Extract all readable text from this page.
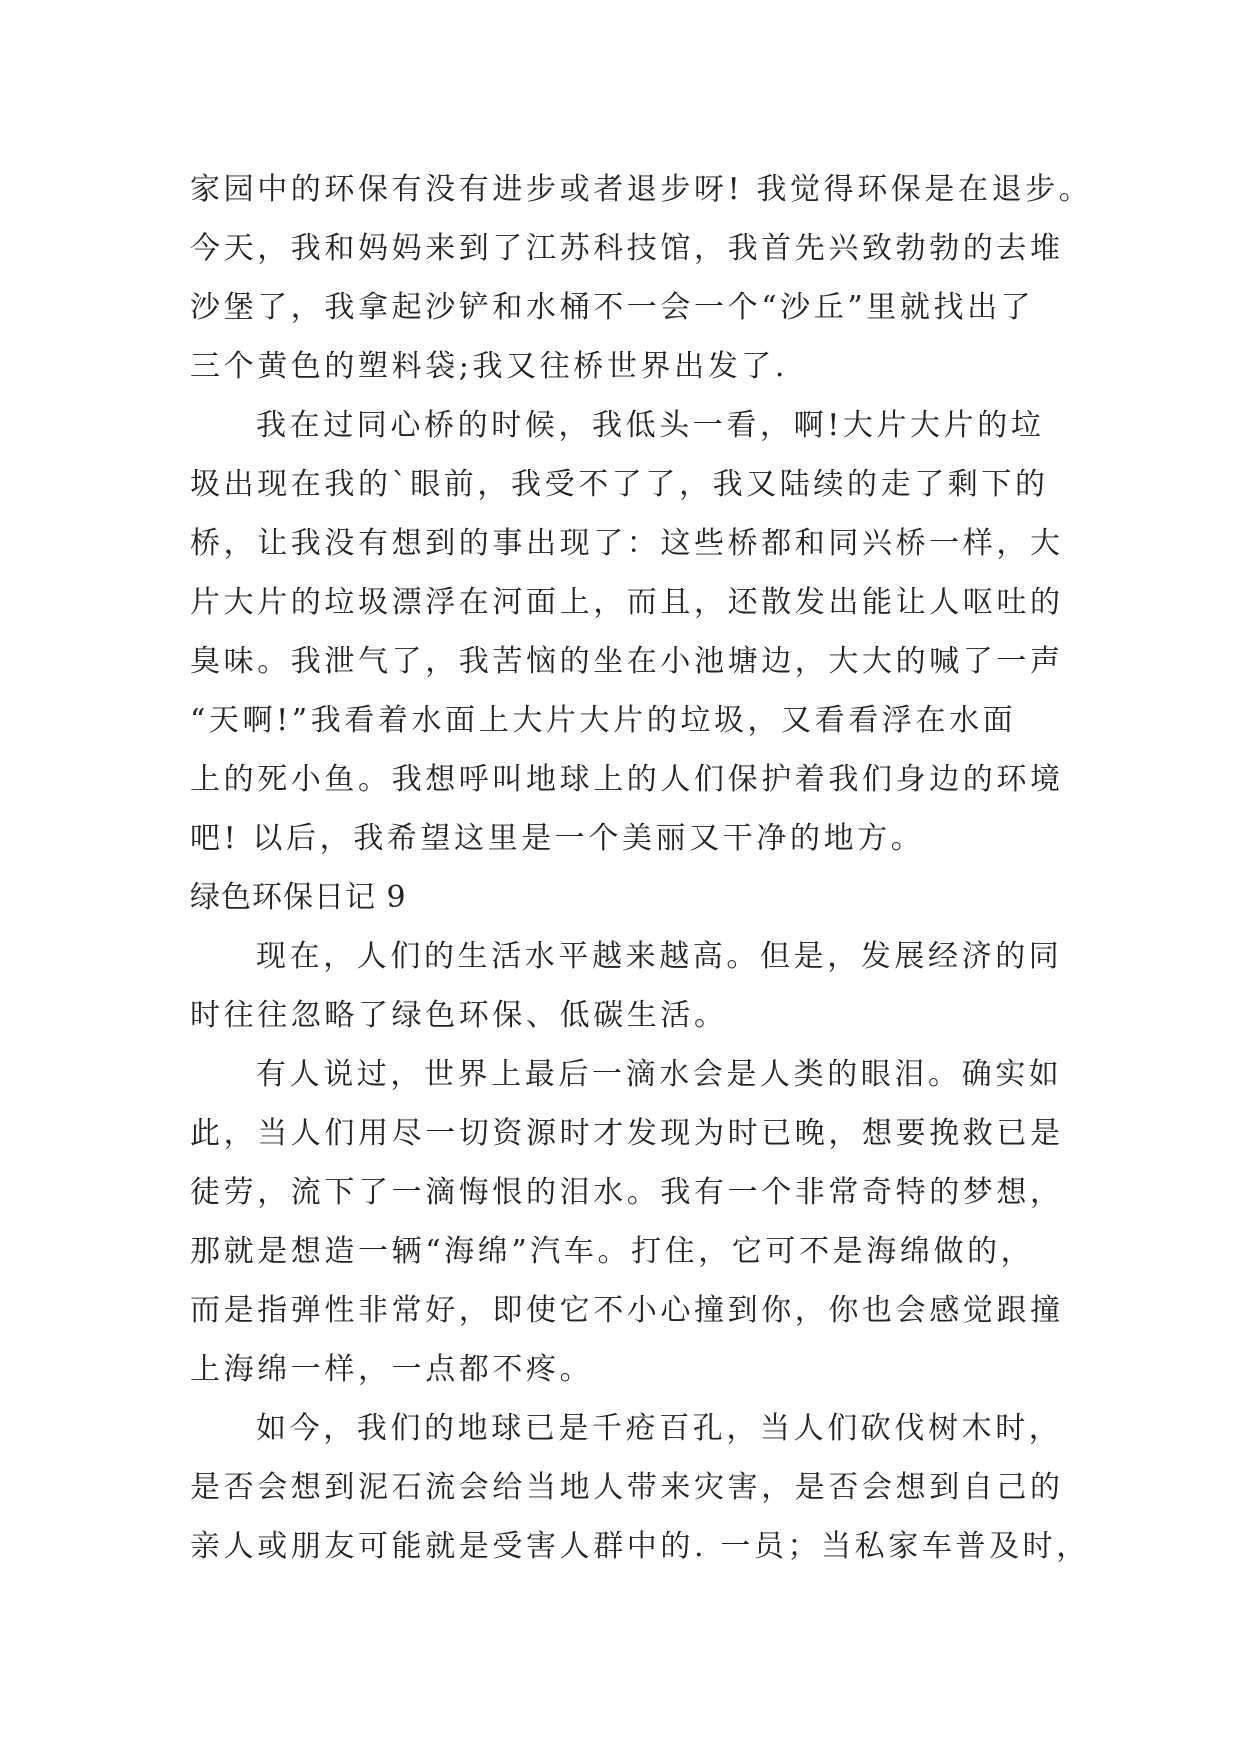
家园中的环保有没有进步或者退步呀! 我觉得环保是在退步。
今天，我和妈妈来到了江苏科技馆，我首先兴致勃勃的去堆
沙堡了，我拿起沙铲和水桶不一会一个“沙丘”里就找出了
三个黄色的塑料袋;我又往桥世界出发了.
我在过同心桥的时候，我低头一看，啊!大片大片的垃
圾出现在我的`眼前，我受不了了，我又陆续的走了剩下的
桥，让我没有想到的事出现了：这些桥都和同兴桥一样，大
片大片的垃圾漂浮在河面上，而且，还散发出能让人呕吐的
臭味。我泄气了，我苦恼的坐在小池塘边，大大的喊了一声
“天啊!”我看着水面上大片大片的垃圾，又看看浮在水面
上的死小鱼。我想呼叫地球上的人们保护着我们身边的环境
吧! 以后，我希望这里是一个美丽又干净的地方。
绿色环保日记 9
现在，人们的生活水平越来越高。但是，发展经济的同
时往往忽略了绿色环保、低碳生活。
有人说过，世界上最后一滴水会是人类的眼泪。确实如
此，当人们用尽一切资源时才发现为时已晚，想要挽救已是
徒劳，流下了一滴悔恨的泪水。我有一个非常奇特的梦想，
那就是想造一辆“海绵”汽车。打住，它可不是海绵做的，
而是指弹性非常好，即使它不小心撞到你，你也会感觉跟撞
上海绵一样，一点都不疼。
如今，我们的地球已是千疮百孔，当人们砍伐树木时，
是否会想到泥石流会给当地人带来灾害，是否会想到自己的
亲人或朋友可能就是受害人群中的. 一员；当私家车普及时，
